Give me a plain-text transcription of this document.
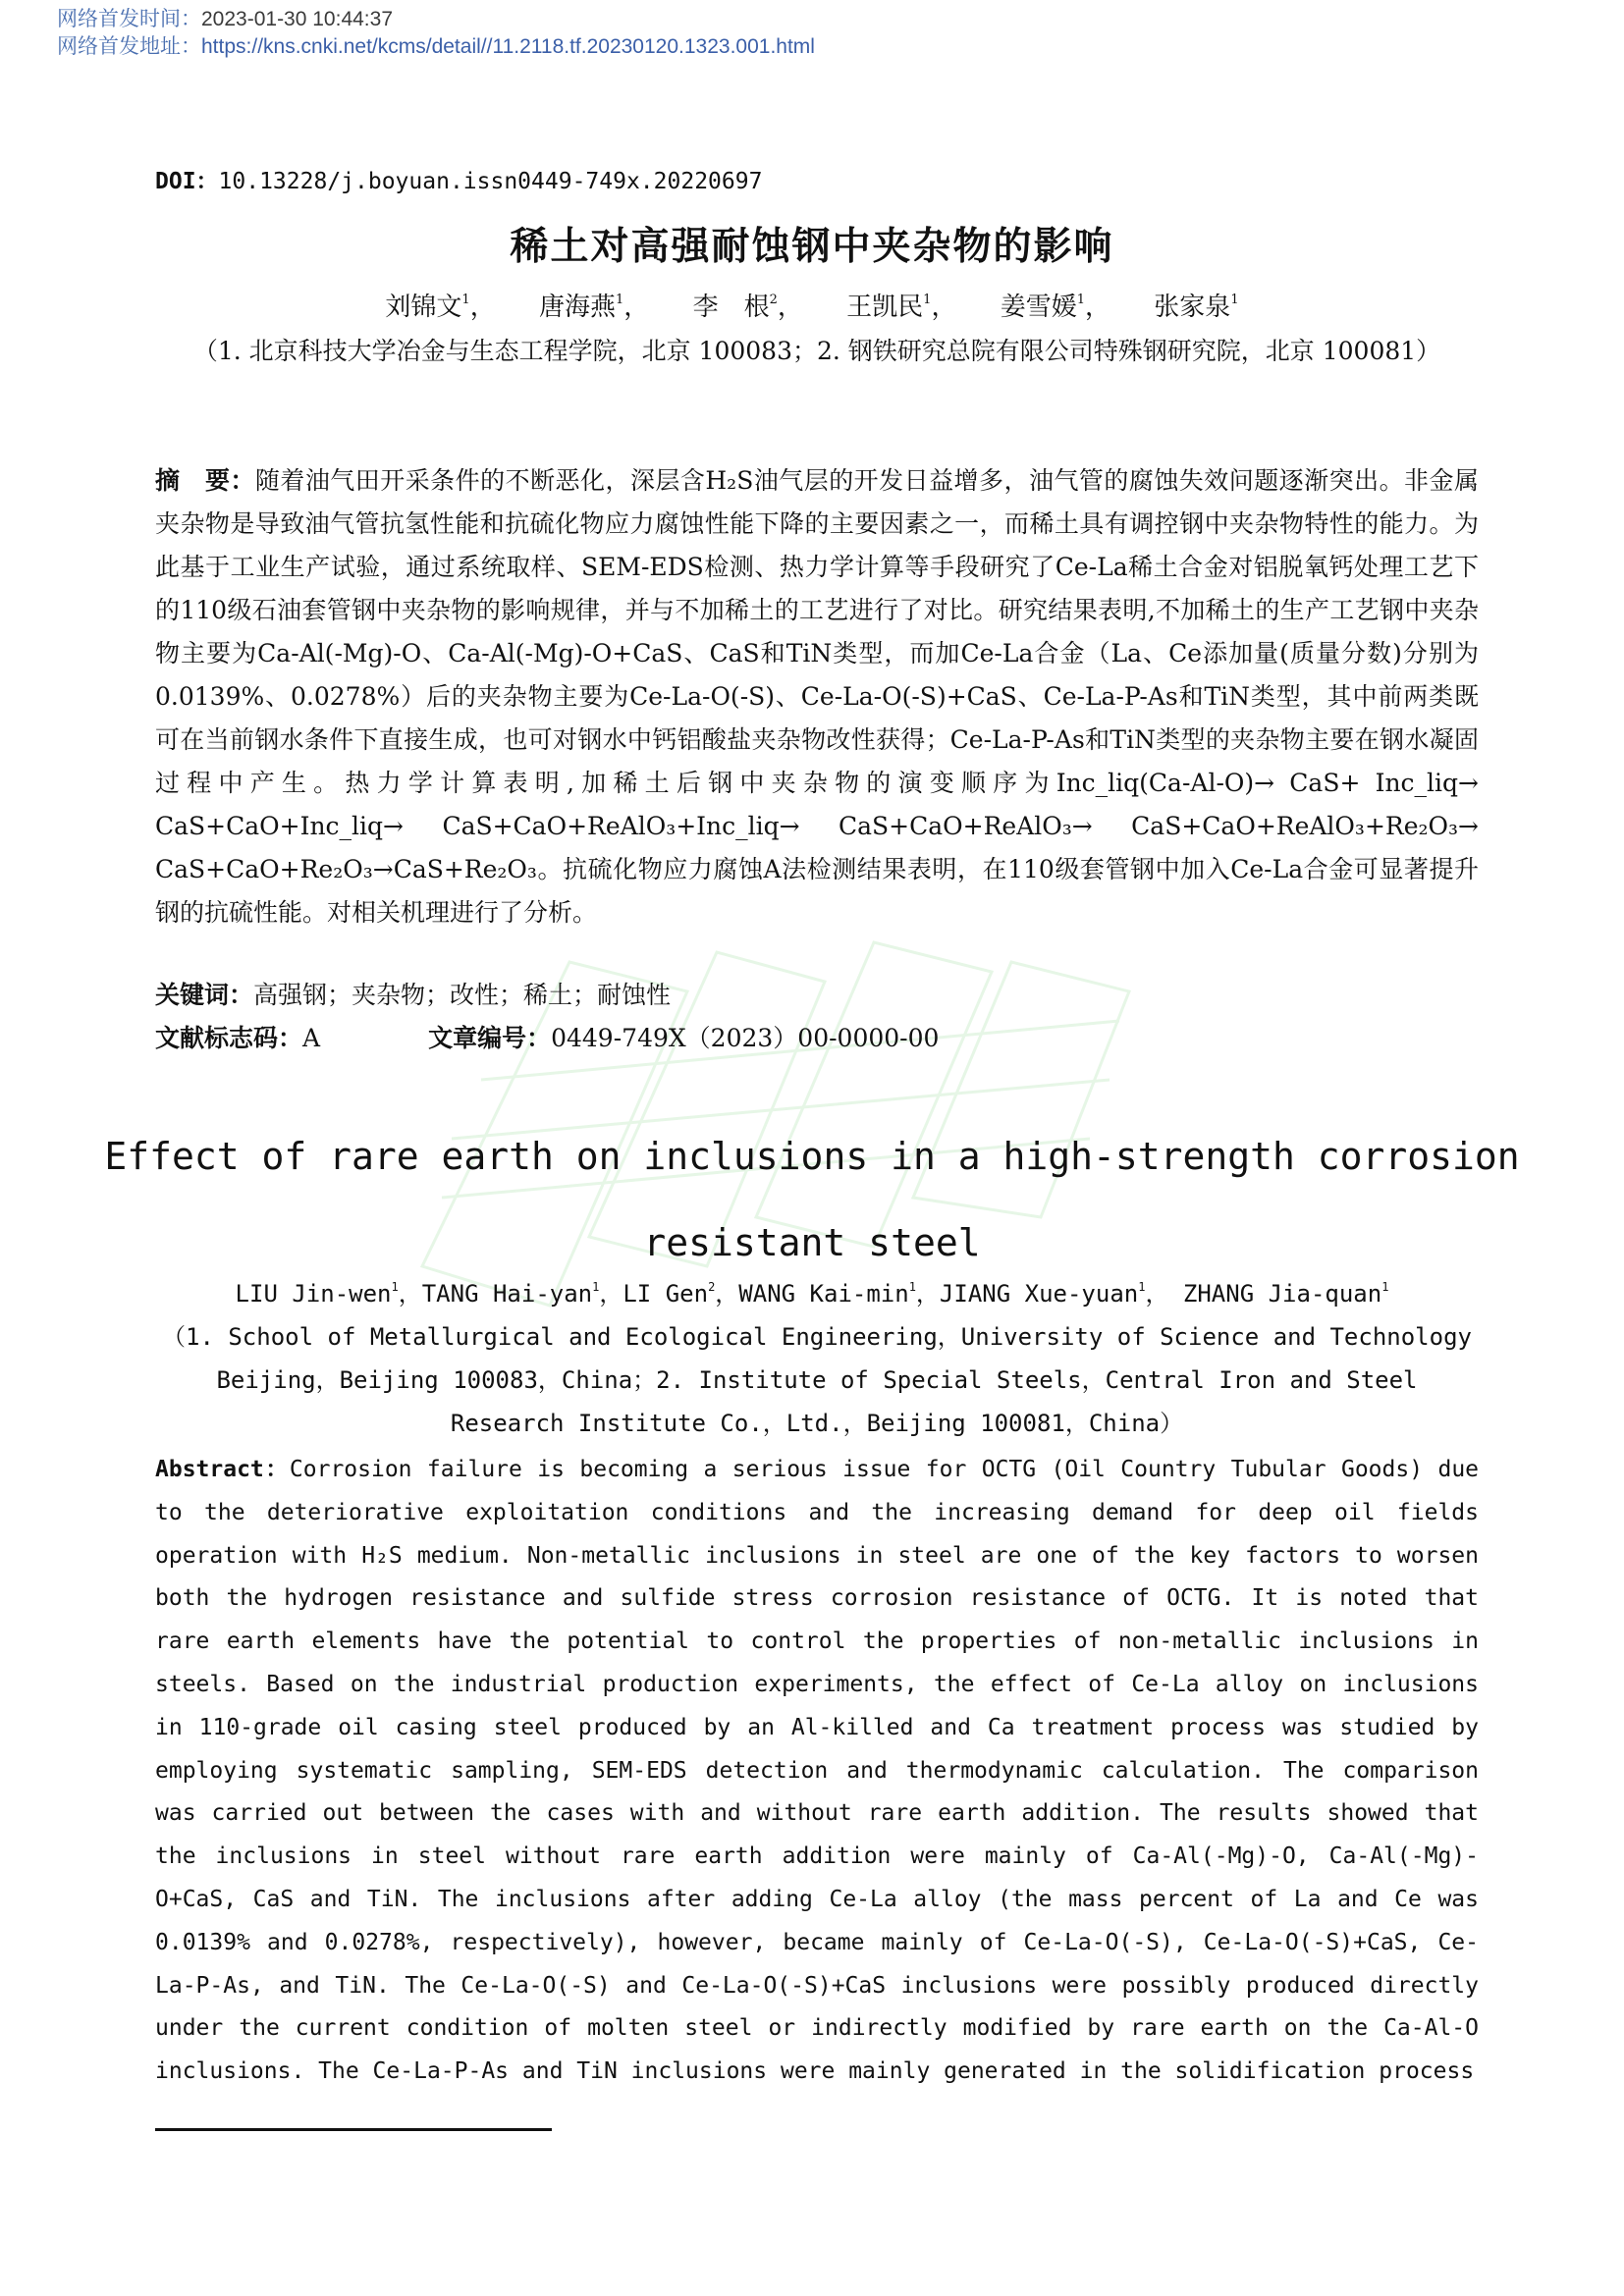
网络首发时间：2023-01-30 10:44:37
网络首发地址：https://kns.cnki.net/kcms/detail//11.2118.tf.20230120.1323.001.html
DOI：10.13228/j.boyuan.issn0449-749x.20220697
稀土对高强耐蚀钢中夹杂物的影响
刘锦文$^1$， 唐海燕$^1$， 李　根$^2$， 王凯民$^1$， 姜雪媛$^1$， 张家泉$^1$
（1. 北京科技大学冶金与生态工程学院，北京 100083；2. 钢铁研究总院有限公司特殊钢研究院，北京 100081）
摘　要：随着油气田开采条件的不断恶化，深层含H₂S油气层的开发日益增多，油气管的腐蚀失效问题逐渐突出。非金属夹杂物是导致油气管抗氢性能和抗硫化物应力腐蚀性能下降的主要因素之一，而稀土具有调控钢中夹杂物特性的能力。为此基于工业生产试验，通过系统取样、SEM-EDS检测、热力学计算等手段研究了Ce-La稀土合金对铝脱氧钙处理工艺下的110级石油套管钢中夹杂物的影响规律，并与不加稀土的工艺进行了对比。研究结果表明,不加稀土的生产工艺钢中夹杂物主要为Ca-Al(-Mg)-O、Ca-Al(-Mg)-O+CaS、CaS和TiN类型，而加Ce-La合金（La、Ce添加量(质量分数)分别为0.0139%、0.0278%）后的夹杂物主要为Ce-La-O(-S)、Ce-La-O(-S)+CaS、Ce-La-P-As和TiN类型，其中前两类既可在当前钢水条件下直接生成，也可对钢水中钙铝酸盐夹杂物改性获得；Ce-La-P-As和TiN类型的夹杂物主要在钢水凝固过程中产生。热力学计算表明,加稀土后钢中夹杂物的演变顺序为Inc_liq(Ca-Al-O)→ CaS+ Inc_liq→ CaS+CaO+Inc_liq→ CaS+CaO+ReAlO₃+Inc_liq→ CaS+CaO+ReAlO₃→ CaS+CaO+ReAlO₃+Re₂O₃→ CaS+CaO+Re₂O₃→CaS+Re₂O₃。抗硫化物应力腐蚀A法检测结果表明，在110级套管钢中加入Ce-La合金可显著提升钢的抗硫性能。对相关机理进行了分析。
关键词：高强钢；夹杂物；改性；稀土；耐蚀性
文献标志码：A	文章编号：0449-749X（2023）00-0000-00
Effect of rare earth on inclusions in a high-strength corrosion resistant steel
LIU Jin-wen$^1$，TANG Hai-yan$^1$，LI Gen$^2$，WANG Kai-$\min^1$，JIANG Xue-yuan$^1$， ZHANG Jia-quan$^1$
（1. School of Metallurgical and Ecological Engineering，University of Science and Technology Beijing，Beijing 100083，China；2. Institute of Special Steels，Central Iron and Steel Research Institute Co.，Ltd.，Beijing 100081，China）
Abstract：Corrosion failure is becoming a serious issue for OCTG (Oil Country Tubular Goods) due to the deteriorative exploitation conditions and the increasing demand for deep oil fields operation with H₂S medium. Non-metallic inclusions in steel are one of the key factors to worsen both the hydrogen resistance and sulfide stress corrosion resistance of OCTG. It is noted that rare earth elements have the potential to control the properties of non-metallic inclusions in steels. Based on the industrial production experiments, the effect of Ce-La alloy on inclusions in 110-grade oil casing steel produced by an Al-killed and Ca treatment process was studied by employing systematic sampling, SEM-EDS detection and thermodynamic calculation. The comparison was carried out between the cases with and without rare earth addition. The results showed that the inclusions in steel without rare earth addition were mainly of Ca-Al(-Mg)-O, Ca-Al(-Mg)-O+CaS, CaS and TiN. The inclusions after adding Ce-La alloy (the mass percent of La and Ce was 0.0139% and 0.0278%, respectively), however, became mainly of Ce-La-O(-S), Ce-La-O(-S)+CaS, Ce-La-P-As, and TiN. The Ce-La-O(-S) and Ce-La-O(-S)+CaS inclusions were possibly produced directly under the current condition of molten steel or indirectly modified by rare earth on the Ca-Al-O inclusions. The Ce-La-P-As and TiN inclusions were mainly generated in the solidification process
